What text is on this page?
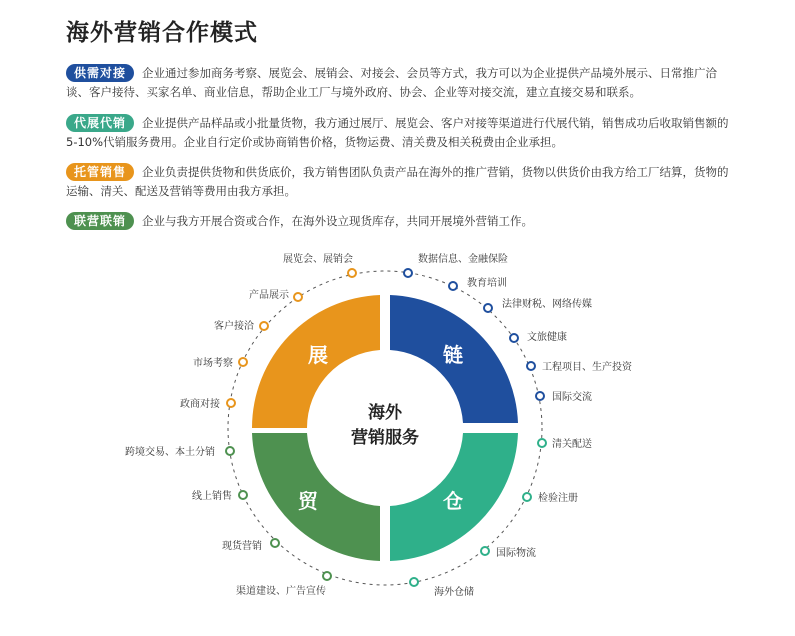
海外营销合作模式
供需对接 企业通过参加商务考察、展览会、展销会、对接会、会员等方式，我方可以为企业提供产品境外展示、日常推广洽谈、客户接待、买家名单、商业信息，帮助企业工厂与境外政府、协会、企业等对接交流，建立直接交易和联系。
代展代销 企业提供产品样品或小批量货物，我方通过展厅、展览会、客户对接等渠道进行代展代销，销售成功后收取销售额的5-10%代销服务费用。企业自行定价或协商销售价格，货物运费、清关费及相关税费由企业承担。
托管销售 企业负责提供货物和供货底价，我方销售团队负责产品在海外的推广营销，货物以供货价由我方给工厂结算，货物的运输、清关、配送及营销等费用由我方承担。
联营联销 企业与我方开展合资或合作，在海外设立现货库存，共同开展境外营销工作。
展	链
仓
贸
海外
营销服务
展览会、展销会
产品展示
客户接洽
市场考察
政商对接
数据信息、金融保险
教育培训
法律财税、网络传媒
文旅健康
工程项目、生产投资
国际交流
清关配送
检验注册
国际物流
海外仓储
跨境交易、本土分销
线上销售
现货营销
渠道建设、广告宣传
